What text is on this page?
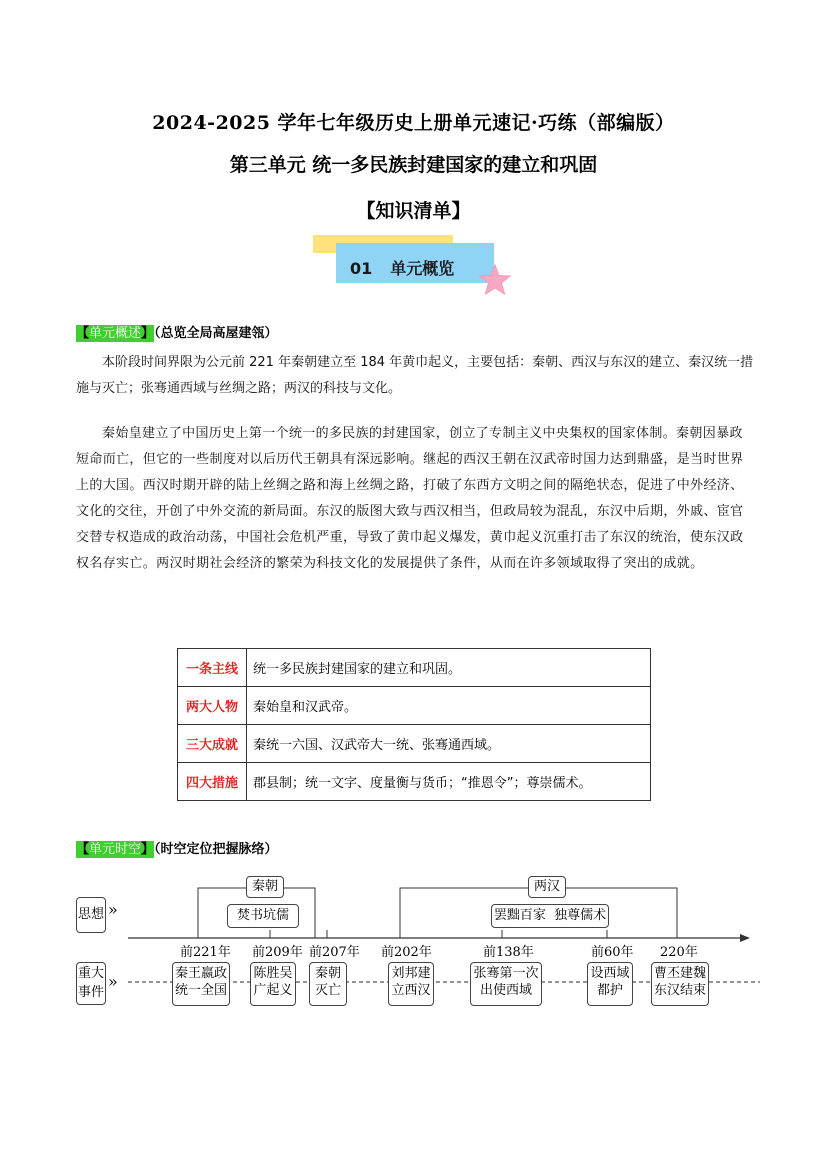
2024-2025 学年七年级历史上册单元速记·巧练（部编版）
第三单元 统一多民族封建国家的建立和巩固
【知识清单】
01 单元概览
【单元概述】（总览全局高屋建瓴）
本阶段时间界限为公元前 221 年秦朝建立至 184 年黄巾起义，主要包括：秦朝、西汉与东汉的建立、秦汉统一措施与灭亡；张骞通西域与丝绸之路；两汉的科技与文化。
秦始皇建立了中国历史上第一个统一的多民族的封建国家，创立了专制主义中央集权的国家体制。秦朝因暴政短命而亡，但它的一些制度对以后历代王朝具有深远影响。继起的西汉王朝在汉武帝时国力达到鼎盛，是当时世界上的大国。西汉时期开辟的陆上丝绸之路和海上丝绸之路，打破了东西方文明之间的隔绝状态，促进了中外经济、文化的交往，开创了中外交流的新局面。东汉的版图大致与西汉相当，但政局较为混乱，东汉中后期，外戚、宦官交替专权造成的政治动荡，中国社会危机严重，导致了黄巾起义爆发，黄巾起义沉重打击了东汉的统治，使东汉政权名存实亡。两汉时期社会经济的繁荣为科技文化的发展提供了条件，从而在许多领域取得了突出的成就。
一条主线	统一多民族封建国家的建立和巩固。
两大人物	秦始皇和汉武帝。
三大成就	秦统一六国、汉武帝大一统、张骞通西域。
四大措施	郡县制；统一文字、度量衡与货币；“推恩令”；尊崇儒术。
【单元时空】（时空定位把握脉络）
思想 »
重大事件
»
秦朝
焚书坑儒
两汉
罢黜百家 独尊儒术
前221年 前209年 前207年 前202年	前138年	前60年 220年
秦王嬴政统一全国
陈胜吴广起义
秦朝灭亡
刘邦建立西汉
张骞第一次出使西域
设西域都护
曹丕建魏东汉结束
